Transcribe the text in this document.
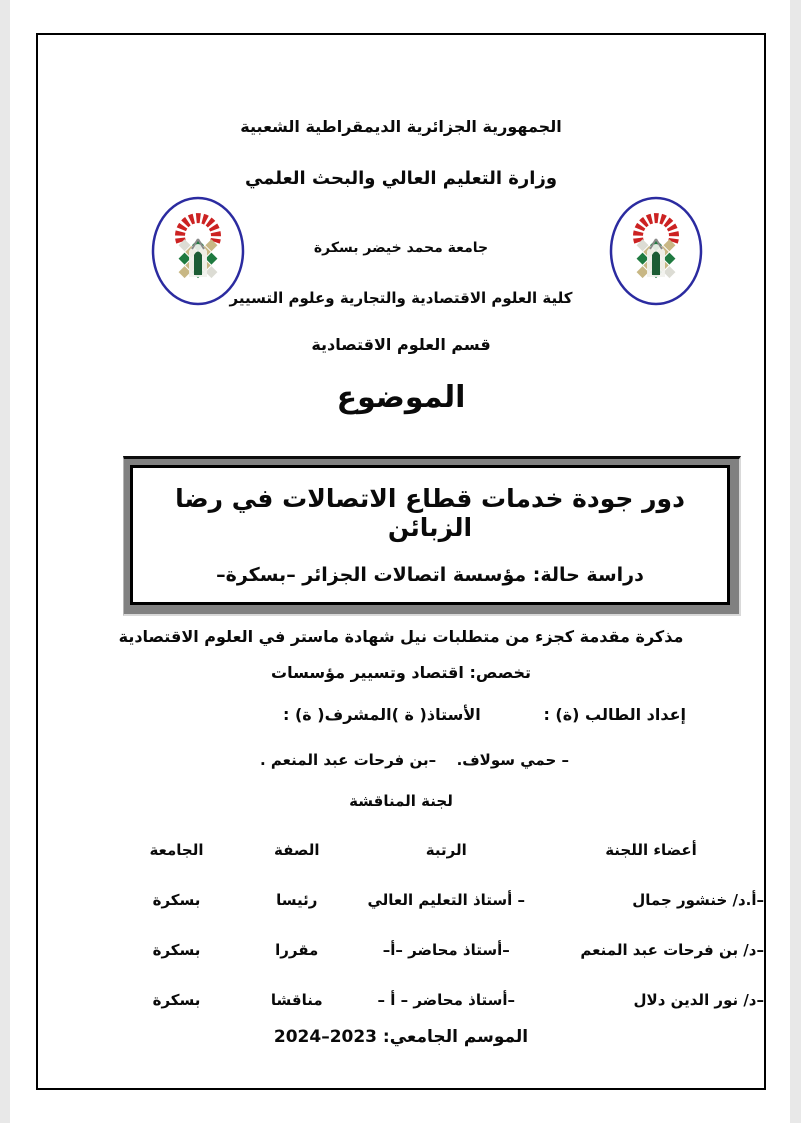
الجمهورية الجزائرية الديمقراطية الشعبية
وزارة التعليم العالي والبحث العلمي
جامعة محمد خيضر بسكرة
كلية العلوم الاقتصادية والتجارية وعلوم التسيير
قسم العلوم الاقتصادية
الموضوع
دور جودة خدمات قطاع الاتصالات في رضا الزبائن
دراسة حالة: مؤسسة اتصالات الجزائر –بسكرة–
مذكرة مقدمة كجزء من متطلبات نيل شهادة ماستر في العلوم الاقتصادية
تخصص: اقتصاد وتسيير مؤسسات
إعداد الطالب (ة) :
الأستاذ( ة )المشرف( ة) :
– حمي سولاف.
–بن فرحات عبد المنعم .
لجنة المناقشة
أعضاء اللجنة
الرتبة
الصفة
الجامعة
–أ.د/ خنشور جمال
– أستاذ التعليم العالي
رئيسا
بسكرة
–د/ بن فرحات عبد المنعم
–أستاذ محاضر –أ–
مقررا
بسكرة
–د/ نور الدين دلال
–أستاذ محاضر – أ –
مناقشا
بسكرة
الموسم الجامعي: 2023–2024
